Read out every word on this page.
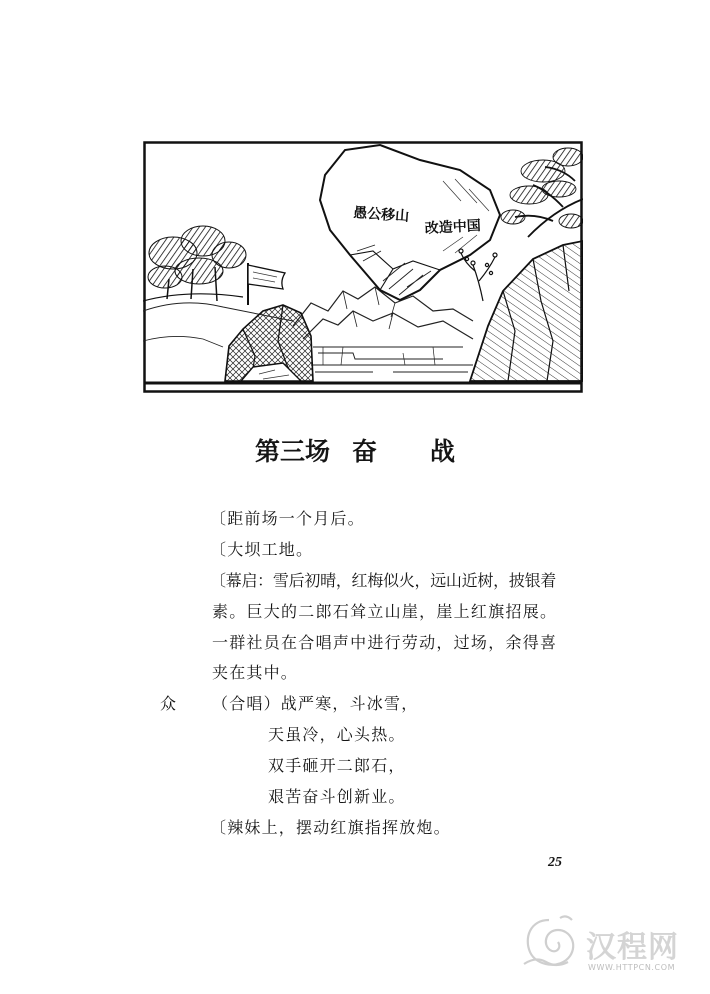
愚公移山
改造中国
第三场 奋战
〔距前场一个月后。
〔大坝工地。
〔幕启：雪后初晴，红梅似火，远山近树，披银着
素。巨大的二郎石耸立山崖，崖上红旗招展。
一群社员在合唱声中进行劳动，过场，余得喜
夹在其中。
众 （合唱）战严寒，斗冰雪，
天虽冷，心头热。
双手砸开二郎石，
艰苦奋斗创新业。
〔辣妹上，摆动红旗指挥放炮。
25
汉程网
WWW.HTTPCN.COM
